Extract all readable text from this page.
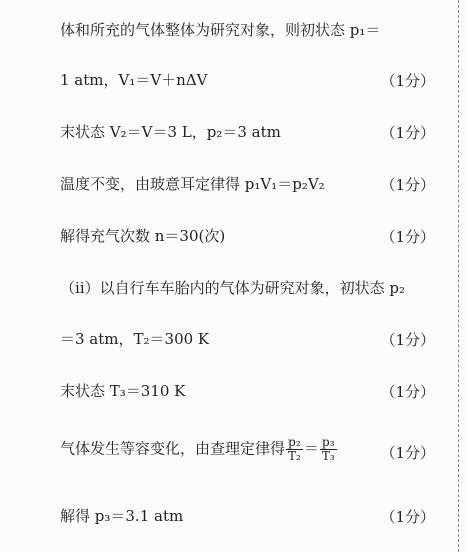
体和所充的气体整体为研究对象，则初状态 p₁＝
1 atm，V₁＝V＋nΔV	（1分）
末状态 V₂＝V＝3 L，p₂＝3 atm	（1分）
温度不变，由玻意耳定律得 p₁V₁＝p₂V₂	（1分）
解得充气次数 n＝30(次)	（1分）
（ⅱ）以自行车车胎内的气体为研究对象，初状态 p₂
＝3 atm，T₂＝300 K	（1分）
末状态 T₃＝310 K	（1分）
气体发生等容变化，由查理定律得 $\frac{\text{p₂}}{\text{T₂}} = \frac{\text{p₃}}{\text{T₃}}$	（1分）
解得 p₃＝3.1 atm	（1分）
